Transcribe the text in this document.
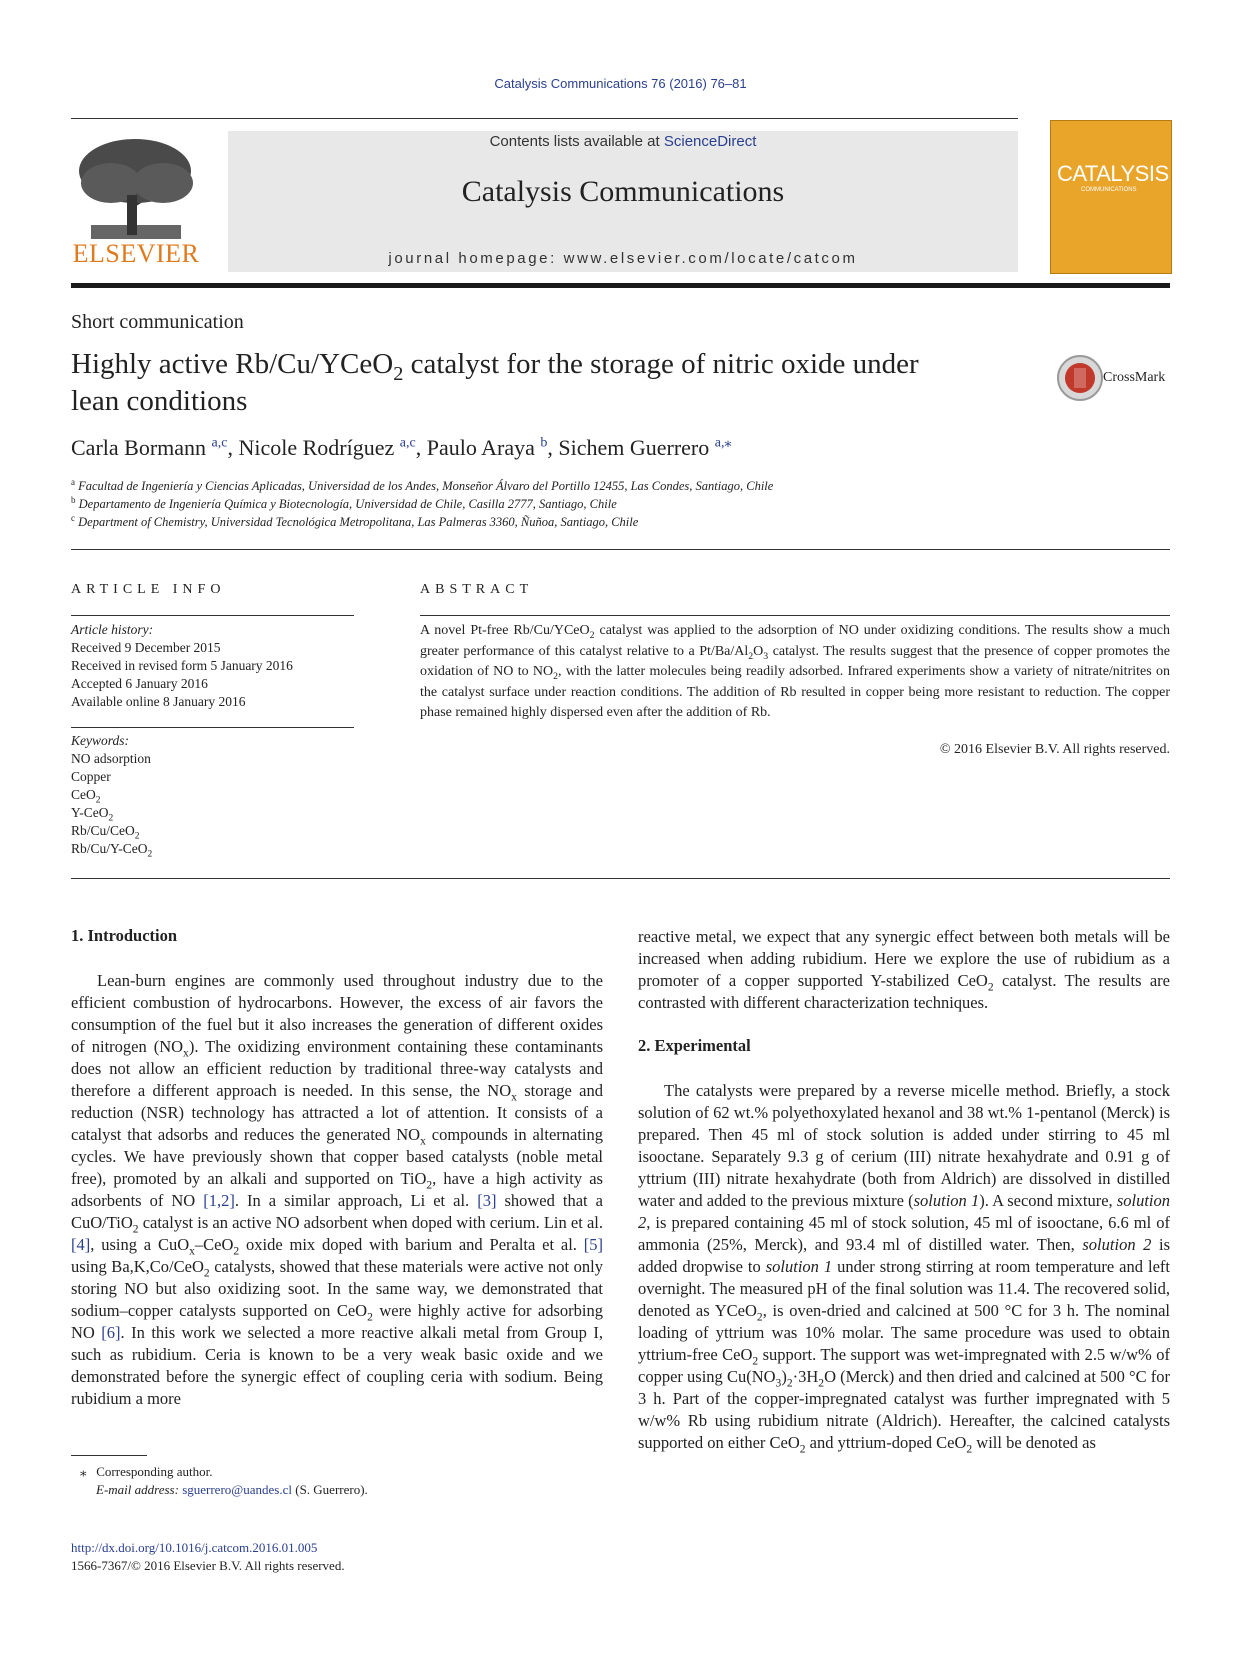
Catalysis Communications 76 (2016) 76–81
ELSEVIER
Contents lists available at ScienceDirect
Catalysis Communications
journal homepage: www.elsevier.com/locate/catcom
CATALYSIS
COMMUNICATIONS
Short communication
Highly active Rb/Cu/YCeO$_2$ catalyst for the storage of nitric oxide under
lean conditions
CrossMark
Carla Bormann $^{a,c}$, Nicole Rodríguez $^{a,c}$, Paulo Araya $^b$, Sichem Guerrero $^{a,⁎}$
$^a$ Facultad de Ingeniería y Ciencias Aplicadas, Universidad de los Andes, Monseñor Álvaro del Portillo 12455, Las Condes, Santiago, Chile
$^b$ Departamento de Ingeniería Química y Biotecnología, Universidad de Chile, Casilla 2777, Santiago, Chile
$^c$ Department of Chemistry, Universidad Tecnológica Metropolitana, Las Palmeras 3360, Ñuñoa, Santiago, Chile
ARTICLE INFO
Article history:
Received 9 December 2015
Received in revised form 5 January 2016
Accepted 6 January 2016
Available online 8 January 2016
Keywords:
NO adsorption
Copper
CeO$_2$
Y-CeO$_2$
Rb/Cu/CeO$_2$
Rb/Cu/Y-CeO$_2$
ABSTRACT
A novel Pt-free Rb/Cu/YCeO$_2$ catalyst was applied to the adsorption of NO under oxidizing conditions. The results show a much greater performance of this catalyst relative to a $Pt/Ba/Al_2O_3$ catalyst. The results suggest that the presence of copper promotes the oxidation of NO to $NO_2$, with the latter molecules being readily adsorbed. Infrared experiments show a variety of nitrate/nitrites on the catalyst surface under reaction conditions. The addition of Rb resulted in copper being more resistant to reduction. The copper phase remained highly dispersed even after the addition of Rb.
© 2016 Elsevier B.V. All rights reserved.
1. Introduction

Lean-burn engines are commonly used throughout industry due to the efficient combustion of hydrocarbons. However, the excess of air favors the consumption of the fuel but it also increases the generation of different oxides of nitrogen $(NO_x)$. The oxidizing environment containing these contaminants does not allow an efficient reduction by traditional three-way catalysts and therefore a different approach is needed. In this sense, the $NO_x$ storage and reduction (NSR) technology has attracted a lot of attention. It consists of a catalyst that adsorbs and reduces the generated $NO_x$ compounds in alternating cycles. We have previously shown that copper based catalysts (noble metal free), promoted by an alkali and supported on TiO$_2$, have a high activity as adsorbents of NO [1,2]. In a similar approach, Li et al. [3] showed that a CuO/TiO$_2$ catalyst is an active NO adsorbent when doped with cerium. Lin et al. [4], using a CuO$_x$–CeO$_2$ oxide mix doped with barium and Peralta et al. [5] using Ba,K,Co/CeO$_2$ catalysts, showed that these materials were active not only storing NO but also oxidizing soot. In the same way, we demonstrated that sodium–copper catalysts supported on CeO$_2$ were highly active for adsorbing NO [6]. In this work we selected a more reactive alkali metal from Group I, such as rubidium. Ceria is known to be a very weak basic oxide and we demonstrated before the synergic effect of coupling ceria with sodium. Being rubidium a more

⁎ Corresponding author.
E-mail address: sguerrero@uandes.cl (S. Guerrero).
http://dx.doi.org/10.1016/j.catcom.2016.01.005
1566-7367/© 2016 Elsevier B.V. All rights reserved.

reactive metal, we expect that any synergic effect between both metals will be increased when adding rubidium. Here we explore the use of rubidium as a promoter of a copper supported Y-stabilized CeO$_2$ catalyst. The results are contrasted with different characterization techniques.

2. Experimental

The catalysts were prepared by a reverse micelle method. Briefly, a stock solution of 62 wt.% polyethoxylated hexanol and 38 wt.% 1-pentanol (Merck) is prepared. Then 45 ml of stock solution is added under stirring to 45 ml isooctane. Separately 9.3 g of cerium (III) nitrate hexahydrate and 0.91 g of yttrium (III) nitrate hexahydrate (both from Aldrich) are dissolved in distilled water and added to the previous mixture (solution 1). A second mixture, solution 2, is prepared containing 45 ml of stock solution, 45 ml of isooctane, 6.6 ml of ammonia (25%, Merck), and 93.4 ml of distilled water. Then, solution 2 is added dropwise to solution 1 under strong stirring at room temperature and left overnight. The measured pH of the final solution was 11.4. The recovered solid, denoted as YCeO$_2$, is oven-dried and calcined at 500 °C for 3 h. The nominal loading of yttrium was 10% molar. The same procedure was used to obtain yttrium-free CeO$_2$ support. The support was wet-impregnated with 2.5 w/w% of copper using $Cu(NO_3)_2\cdot 3H_2O$ (Merck) and then dried and calcined at 500 °C for 3 h. Part of the copper-impregnated catalyst was further impregnated with 5 w/w% Rb using rubidium nitrate (Aldrich). Hereafter, the calcined catalysts supported on either CeO$_2$ and yttrium-doped CeO$_2$ will be denoted as
